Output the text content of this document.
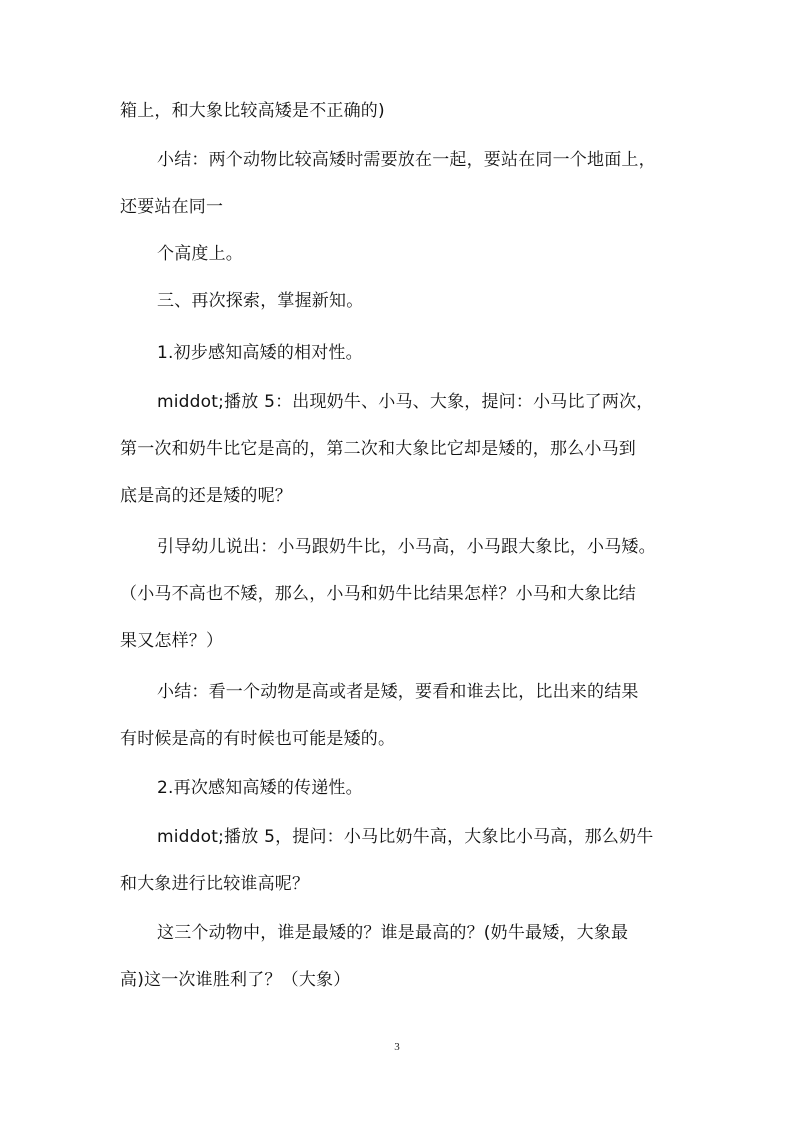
箱上，和大象比较高矮是不正确的)
小结：两个动物比较高矮时需要放在一起，要站在同一个地面上，
还要站在同一
个高度上。
三、再次探索，掌握新知。
1.初步感知高矮的相对性。
middot;播放 5：出现奶牛、小马、大象，提问：小马比了两次，
第一次和奶牛比它是高的，第二次和大象比它却是矮的，那么小马到
底是高的还是矮的呢？
引导幼儿说出：小马跟奶牛比，小马高，小马跟大象比，小马矮。
（小马不高也不矮，那么，小马和奶牛比结果怎样？小马和大象比结
果又怎样？）
小结：看一个动物是高或者是矮，要看和谁去比，比出来的结果
有时候是高的有时候也可能是矮的。
2.再次感知高矮的传递性。
middot;播放 5，提问：小马比奶牛高，大象比小马高，那么奶牛
和大象进行比较谁高呢？
这三个动物中，谁是最矮的？谁是最高的？(奶牛最矮，大象最
高)这一次谁胜利了？（大象）
3
